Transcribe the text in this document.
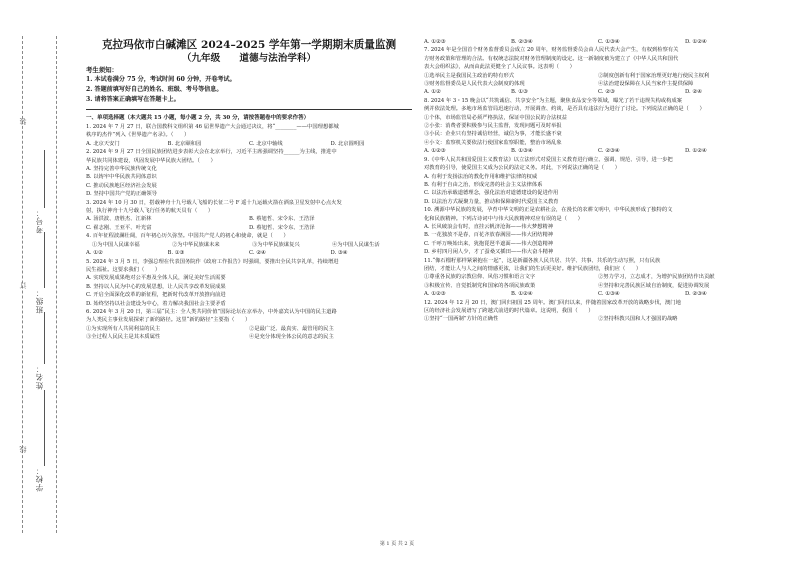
装
订
线
考号：
班级：
姓名：
学校：

克拉玛依市白碱滩区 2024–2025 学年第一学期期末质量监测

（九年级　　道德与法治学科）

考生须知：

1. 本试卷满分 75 分，考试时间 60 分钟，开卷考试。

2. 答题前填写好自己的姓名、班级、考号等信息。

3. 请将答案正确填写在答题卡上。

一、单项选择题（本大题共 15 小题，每小题 2 分，共 30 分，请按答题卷中的要求作答）

1. 2024 年 7 月 27 日，联合国教科文组织第 46 届世界遗产大会通过决议，将“________——中国理想都城

秩序的杰作”列入《世界遗产名录》。（　　）

A. 北京天安门	B. 北京颐和园	C. 北京中轴线	D. 北京圆明园

2. 2024 年 9 月 27 日全国民族团结进步表彰大会在北京举行，习近平主席强调坚持______为主线，推进中

华民族共同体建设，巩固发展中华民族大团结。（　　）

A. 坚持完善中华民族传统文化

B. 以铸牢中华民族共同体意识

C. 推动民族地区经济社会发展

D. 坚持中国共产党的正确领导

3. 2024 年 10 月 30 日，搭载神舟十九号载人飞船的长征二号 F 遥十九运载火箭在酒泉卫星发射中心点火发

射，执行神舟十九号载人飞行任务的航天员有（　　）

A. 汤洪波、唐胜杰、江新林	B. 蔡旭哲、宋令东、王浩泽
C. 翟志刚、王亚平、叶光富	D. 蔡旭哲、宋令东、王浩泽

4. 百年征程波澜壮阔，百年初心历久弥坚。中国共产党人的初心和使命，就是（　　）

①为中国人民谋幸福	②为中华民族谋未来	③为中华民族谋复兴	④为中国人民谋生活
A. ①②	B. ①③	C. ②④	D. ③④

5. 2024 年 3 月 5 日，李强总理在代表国务院作《政府工作报告》时强调，要推出全民共享礼单，持续增进

民生福祉。这要求我们（　　）

A. 实现发展成果绝对公平惠及全体人民，满足美好生活需要

B. 坚持以人民为中心的发展思想，让人民共享改革发展成果

C. 开启全面深化改革的新征程，把新时代改革开放推向前进

D. 始终坚持以社会建设为中心，着力解决我国社会主要矛盾

6. 2024 年 3 月 20 日，第三届“民主：全人类共同价值”国际论坛在京举办，中外嘉宾认为中国的民主道路

为人类民主事业发展探索了新的路径。这里“新的路径”主要指（　　）

①为实现所有人共同利益的民主	②是最广泛、最真实、最管用的民主
③全过程人民民主是其本质属性	④是充分体现全体公民的意志的民主
A. ①②③	B. ②③④	C. ①③④	D. ①②④

7. 2024 年是全国首个财务监督委员会成立 20 周年，财务监督委员会由人民代表大会产生，有权到检察有关

方财务政策和管理的合法。有权统志法院对财务管理制度的设定。这一新制度被为建立了《中华人民共和国代

表大会组织法》，从而由此法更健全了人民议事。这表明（　　）

①选举民主是我国民主政治的特有形式	②制度创新有利于国家治理更好地行使民主权利
③财务监督委员是人民代表大会制度的体现	④法治建设保障在人民当家作主提供保障
A. ①②	B. ①③	C. ②③	D. ②④

8. 2024 年 3・15 晚会以“共筑诚信、共享安全”为主题，聚焦食品安全等领域，曝光了若干违规失构或构成案

例并依法处理。多地市场监管局迅速行动，开展调查、约谈，是否具有违法行为进行了讨论。下列说法正确的是（　　）

①个体，市场监管局必须严格执法，保证中国公民的合法权益

②小张：消费者要积极参与民主监督，发现问题可及时举报

③小民：企业只有坚持诚信经营，诚信为事，才能长盛不衰

④小文：监察机关要依法行使国家监察职能，整治市场乱象

A. ①②③	B. ①③④	C. ②③④	D. ①②④

9.《中华人民共和国爱国主义教育法》以立法形式对爱国主义教育进行确立、强调、规范、引导，进一步把

对教育的引导，使爱国主义成为公民的法定义务。对此，下列说法正确的是（　　）

A. 有利于发扬法治的教化作用和维护法律的权威

B. 有利于自由之治，形成完善的社会主义法律体系

C. 以法治承载道德理念，强化法治对道德建设的促进作用

D. 以法治方式凝聚力量，推动和保障新时代爱国主义教育

10. 溯源中华民族的发展，孕育中华文明的正是农耕社会，在漫长的农耕文明中，中华民族形成了独特的文

化和民族精神。下列古诗词中与伟大民族精神对应有误的是（　　）

A. 长风破浪会有时，直挂云帆济沧海——伟大梦想精神

B. 一花独放不是春，百花齐放春满园——伟大团结精神

C. 千呼万唤始出来，犹抱琵琶半遮面——伟大创造精神

D. 乡村四月闲人少，才了蚕桑又插田——伟大奋斗精神

11.“像石榴籽那样紧紧抱在一起”，这是新疆各族人民共居、共学、共事、共乐的生动写照，只有民族

团结，才能让人与人之间的情感更浓，让我们的生活更美好。维护民族团结，我们应（　　）

①尊重各民族的宗教信仰、风俗习惯和语言文字	②努力学习，立志成才，为增护民族团结作出贡献
③积极宣传、自觉抵制党和国家的各项民族政策	④坚持和完善民族区域自治制度，促进协调发展
A. ①②③	B. ①②④	C. ①③④	D. ②③④

12. 2024 年 12 月 20 日，澳门回归祖国 25 周年。澳门回归以来，伴随着国家改革开放的战略步伐，澳门地

区的经济社会发展谱写了跨越式前进的时代篇章。这说明，我国（　　）

①坚持“一国两制”方针的正确性	②坚持科教兴国和人才强国的战略
第 1 页 共 2 页
